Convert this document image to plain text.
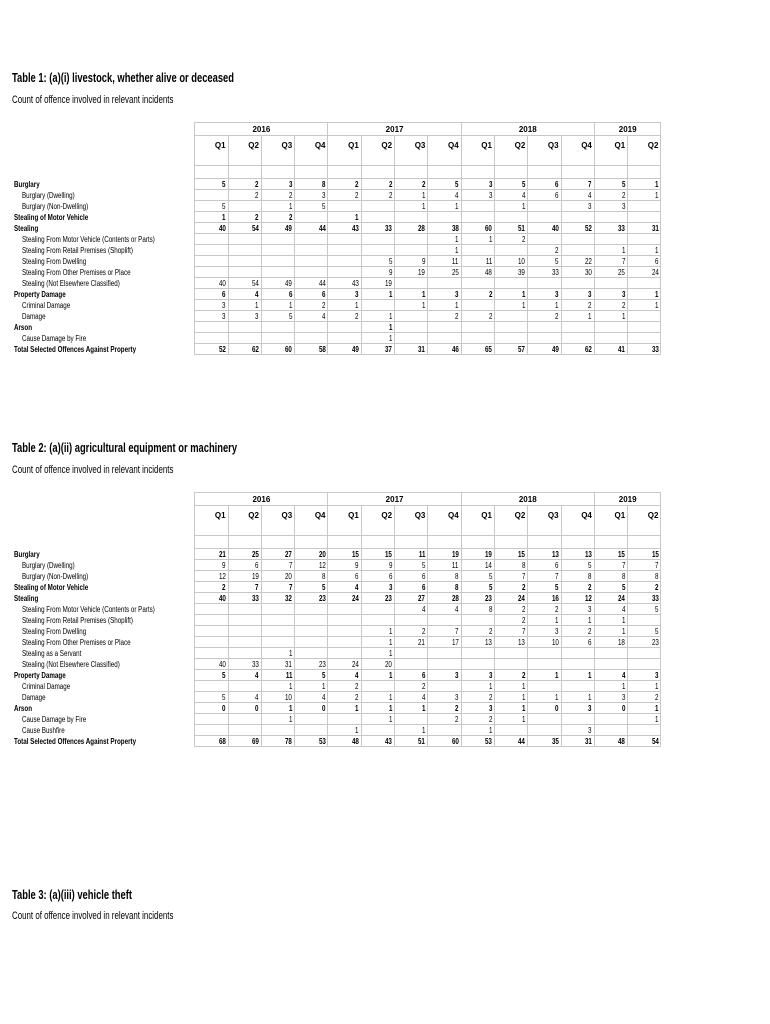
Table 1: (a)(i) livestock, whether alive or deceased
Count of offence involved in relevant incidents
	2016				2017				2018				2019	
	Q1	Q2	Q3	Q4	Q1	Q2	Q3	Q4	Q1	Q2	Q3	Q4	Q1	Q2

Burglary	5	2	3	8	2	2	2	5	3	5	6	7	5	1
Burglary (Dwelling)		2	2	3	2	2	1	4	3	4	6	4	2	1
Burglary (Non-Dwelling)	5		1	5			1	1		1		3	3	
Stealing of Motor Vehicle	1	2	2		1									
Stealing	40	54	49	44	43	33	28	38	60	51	40	52	33	31
Stealing From Motor Vehicle (Contents or Parts)								1	1	2				
Stealing From Retail Premises (Shoplift)								1			2		1	1
Stealing From Dwelling						5	9	11	11	10	5	22	7	6
Stealing From Other Premises or Place						9	19	25	48	39	33	30	25	24
Stealing (Not Elsewhere Classified)	40	54	49	44	43	19								
Property Damage	6	4	6	6	3	1	1	3	2	1	3	3	3	1
Criminal Damage	3	1	1	2	1		1	1		1	1	2	2	1
Damage	3	3	5	4	2	1		2	2		2	1	1	
Arson						1								
Cause Damage by Fire						1								
Total Selected Offences Against Property	52	62	60	58	49	37	31	46	65	57	49	62	41	33
Table 2: (a)(ii) agricultural equipment or machinery
Count of offence involved in relevant incidents
	2016				2017				2018				2019	
	Q1	Q2	Q3	Q4	Q1	Q2	Q3	Q4	Q1	Q2	Q3	Q4	Q1	Q2

Burglary	21	25	27	20	15	15	11	19	19	15	13	13	15	15
Burglary (Dwelling)	9	6	7	12	9	9	5	11	14	8	6	5	7	7
Burglary (Non-Dwelling)	12	19	20	8	6	6	6	8	5	7	7	8	8	8
Stealing of Motor Vehicle	2	7	7	5	4	3	6	8	5	2	5	2	5	2
Stealing	40	33	32	23	24	23	27	28	23	24	16	12	24	33
Stealing From Motor Vehicle (Contents or Parts)							4	4	8	2	2	3	4	5
Stealing From Retail Premises (Shoplift)										2	1	1	1	
Stealing From Dwelling						1	2	7	2	7	3	2	1	5
Stealing From Other Premises or Place						1	21	17	13	13	10	6	18	23
Stealing as a Servant			1			1								
Stealing (Not Elsewhere Classified)	40	33	31	23	24	20								
Property Damage	5	4	11	5	4	1	6	3	3	2	1	1	4	3
Criminal Damage			1	1	2		2		1	1			1	1
Damage	5	4	10	4	2	1	4	3	2	1	1	1	3	2
Arson	0	0	1	0	1	1	1	2	3	1	0	3	0	1
Cause Damage by Fire			1			1		2	2	1				1
Cause Bushfire					1		1		1			3		
Total Selected Offences Against Property	68	69	78	53	48	43	51	60	53	44	35	31	48	54
Table 3: (a)(iii) vehicle theft
Count of offence involved in relevant incidents
